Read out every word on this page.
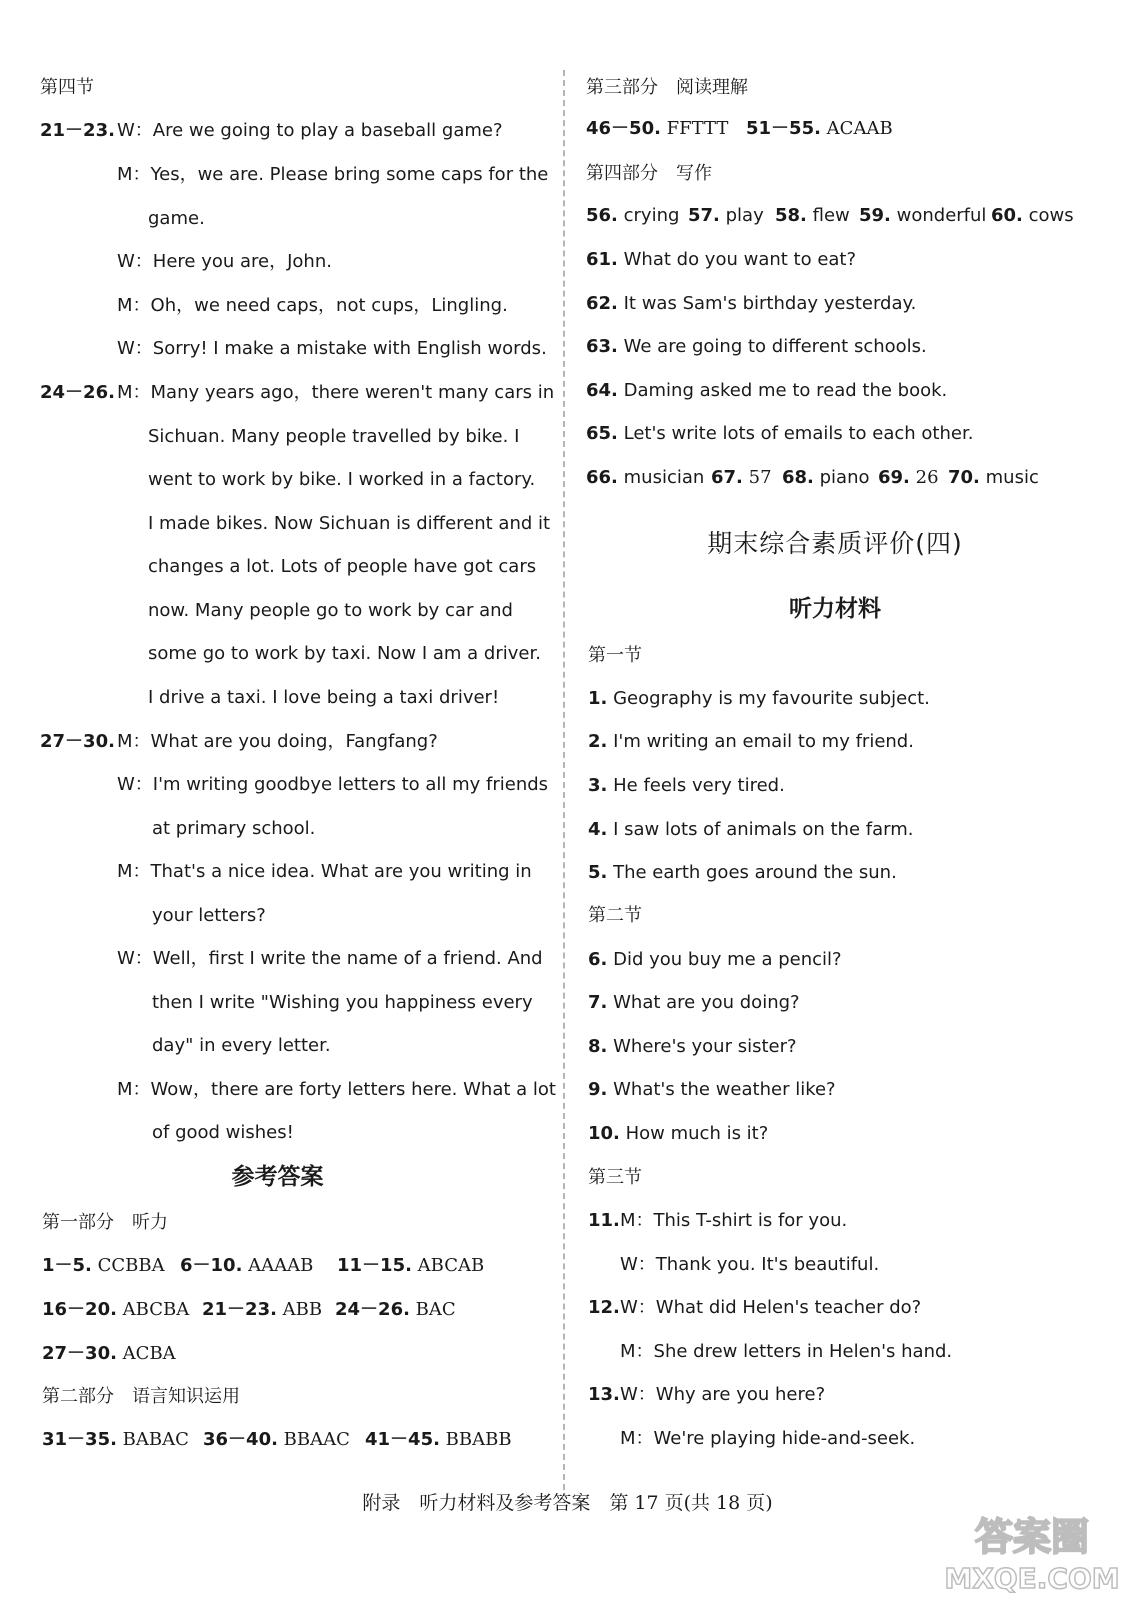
第四节
21－23. W：Are we going to play a baseball game?
M：Yes，we are. Please bring some caps for the
game.
W：Here you are，John.
M：Oh，we need caps，not cups，Lingling.
W：Sorry! I make a mistake with English words.
24－26. M：Many years ago，there weren't many cars in
Sichuan. Many people travelled by bike. I
went to work by bike. I worked in a factory.
I made bikes. Now Sichuan is different and it
changes a lot. Lots of people have got cars
now. Many people go to work by car and
some go to work by taxi. Now I am a driver.
I drive a taxi. I love being a taxi driver!
27－30. M：What are you doing，Fangfang?
W：I'm writing goodbye letters to all my friends
at primary school.
M：That's a nice idea. What are you writing in
your letters?
W：Well，first I write the name of a friend. And
then I write "Wishing you happiness every
day" in every letter.
M：Wow，there are forty letters here. What a lot
of good wishes!
参考答案
第一部分　听力
1－5. CCBBA 6－10. AAAAB 11－15. ABCAB
16－20. ABCBA 21－23. ABB 24－26. BAC
27－30. ACBA
第二部分　语言知识运用
31－35. BABAC 36－40. BBAAC 41－45. BBABB
第三部分　阅读理解
46－50. FFTTT 51－55. ACAAB
第四部分　写作
56. crying 57. play 58. flew 59. wonderful 60. cows
61. What do you want to eat?
62. It was Sam's birthday yesterday.
63. We are going to different schools.
64. Daming asked me to read the book.
65. Let's write lots of emails to each other.
66. musician 67. 57 68. piano 69. 26 70. music
期末综合素质评价(四)
听力材料
第一节
1. Geography is my favourite subject.
2. I'm writing an email to my friend.
3. He feels very tired.
4. I saw lots of animals on the farm.
5. The earth goes around the sun.
第二节
6. Did you buy me a pencil?
7. What are you doing?
8. Where's your sister?
9. What's the weather like?
10. How much is it?
第三节
11. M：This T-shirt is for you.
W：Thank you. It's beautiful.
12. W：What did Helen's teacher do?
M：She drew letters in Helen's hand.
13. W：Why are you here?
M：We're playing hide-and-seek.
附录　听力材料及参考答案　第 17 页(共 18 页)
答案圈
MXQE.COM
